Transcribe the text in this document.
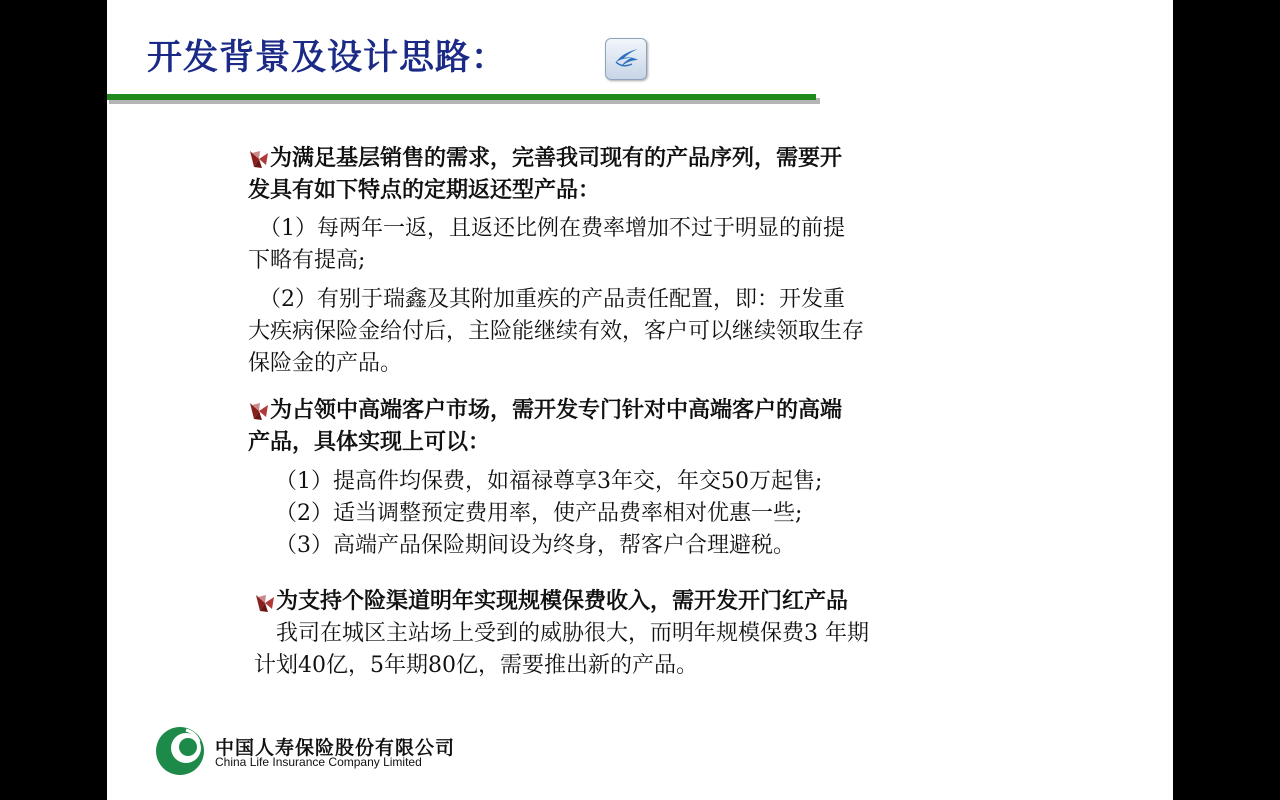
开发背景及设计思路：
　为满足基层销售的需求，完善我司现有的产品序列，需要开
发具有如下特点的定期返还型产品：
　（1）每两年一返，且返还比例在费率增加不过于明显的前提
下略有提高;
　（2）有别于瑞鑫及其附加重疾的产品责任配置，即：开发重
大疾病保险金给付后，主险能继续有效，客户可以继续领取生存
保险金的产品。
　为占领中高端客户市场，需开发专门针对中高端客户的高端
产品，具体实现上可以：
（1）提高件均保费，如福禄尊享3年交，年交50万起售;
（2）适当调整预定费用率，使产品费率相对优惠一些;
（3）高端产品保险期间设为终身，帮客户合理避税。
　为支持个险渠道明年实现规模保费收入，需开发开门红产品
　我司在城区主站场上受到的威胁很大，而明年规模保费3 年期
计划40亿，5年期80亿，需要推出新的产品。
中国人寿保险股份有限公司
China Life Insurance Company Limited
